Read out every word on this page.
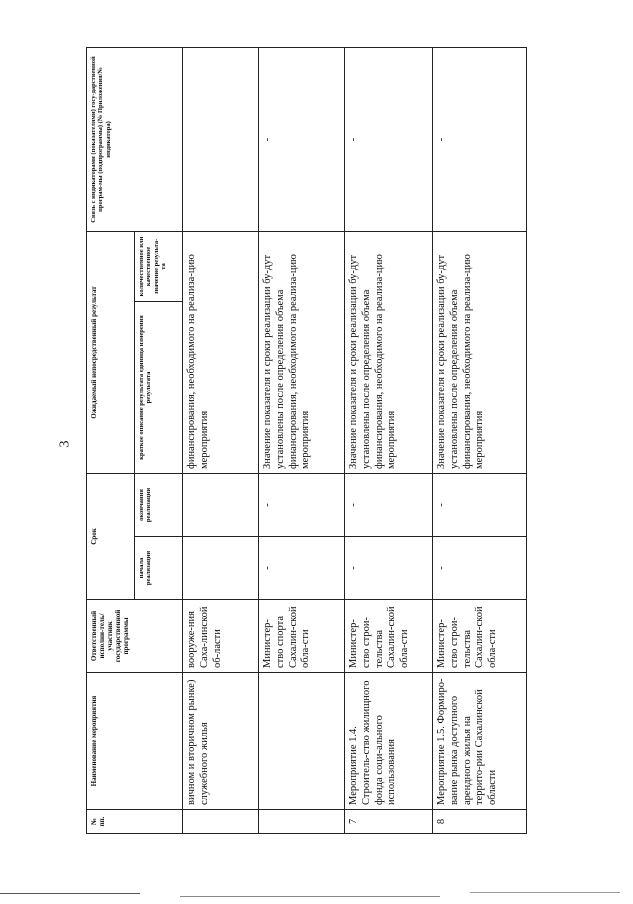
3
№ пп.	Наименование мероприятия	Ответственный исполни-тель/участник государственной программы	Срок		Ожидаемый непосредственный результат		Связь с индикаторами (показателями) госу-дарственной програм-мы (подпрограммы) (№ Приложения/№ индикатора)
			начала реализации	окончания реализации	краткое описание результата единица измерения результата	количественное или качественное значение результа-та	
	вичном и вторичном рынке) служебного жилья	вооруже-ния Саха-линской об-ласти			финансирования, необходимого на реализа-цию мероприятия		
		Министер-ство спорта Сахалин-ской обла-сти	-	-	Значение показателя и сроки реализации бу-дут установлены после определения объема финансирования, необходимого на реализа-цию мероприятия		-
7	Мероприятие 1.4. Строитель-ство жилищного фонда соци-ального использования	Министер-ство строи-тельства Сахалин-ской обла-сти	-	-	Значение показателя и сроки реализации бу-дут установлены после определения объема финансирования, необходимого на реализа-цию мероприятия		-
8	Мероприятие 1.5. Формиро-вание рынка доступного арендного жилья на террито-рии Сахалинской области	Министер-ство строи-тельства Сахалин-ской обла-сти	-	-	Значение показателя и сроки реализации бу-дут установлены после определения объема финансирования, необходимого на реализа-цию мероприятия		-
